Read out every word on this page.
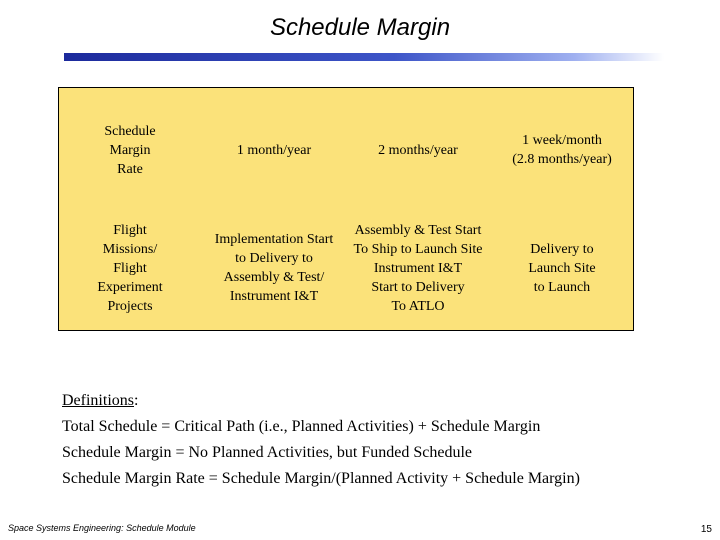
Schedule Margin
Schedule
Margin
Rate
1 month/year	2 months/year
1 week/month
(2.8 months/year)
Flight
Missions/
Flight
Experiment
Projects
Implementation Start
to Delivery to
Assembly & Test/
Instrument I&T
Assembly & Test Start
To Ship to Launch Site
Instrument I&T
Start to Delivery
To ATLO
Delivery to
Launch Site
to Launch
Definitions:
Total Schedule = Critical Path (i.e., Planned Activities) + Schedule Margin
Schedule Margin = No Planned Activities, but Funded Schedule
Schedule Margin Rate = Schedule Margin/(Planned Activity + Schedule Margin)
Space Systems Engineering: Schedule Module	15
